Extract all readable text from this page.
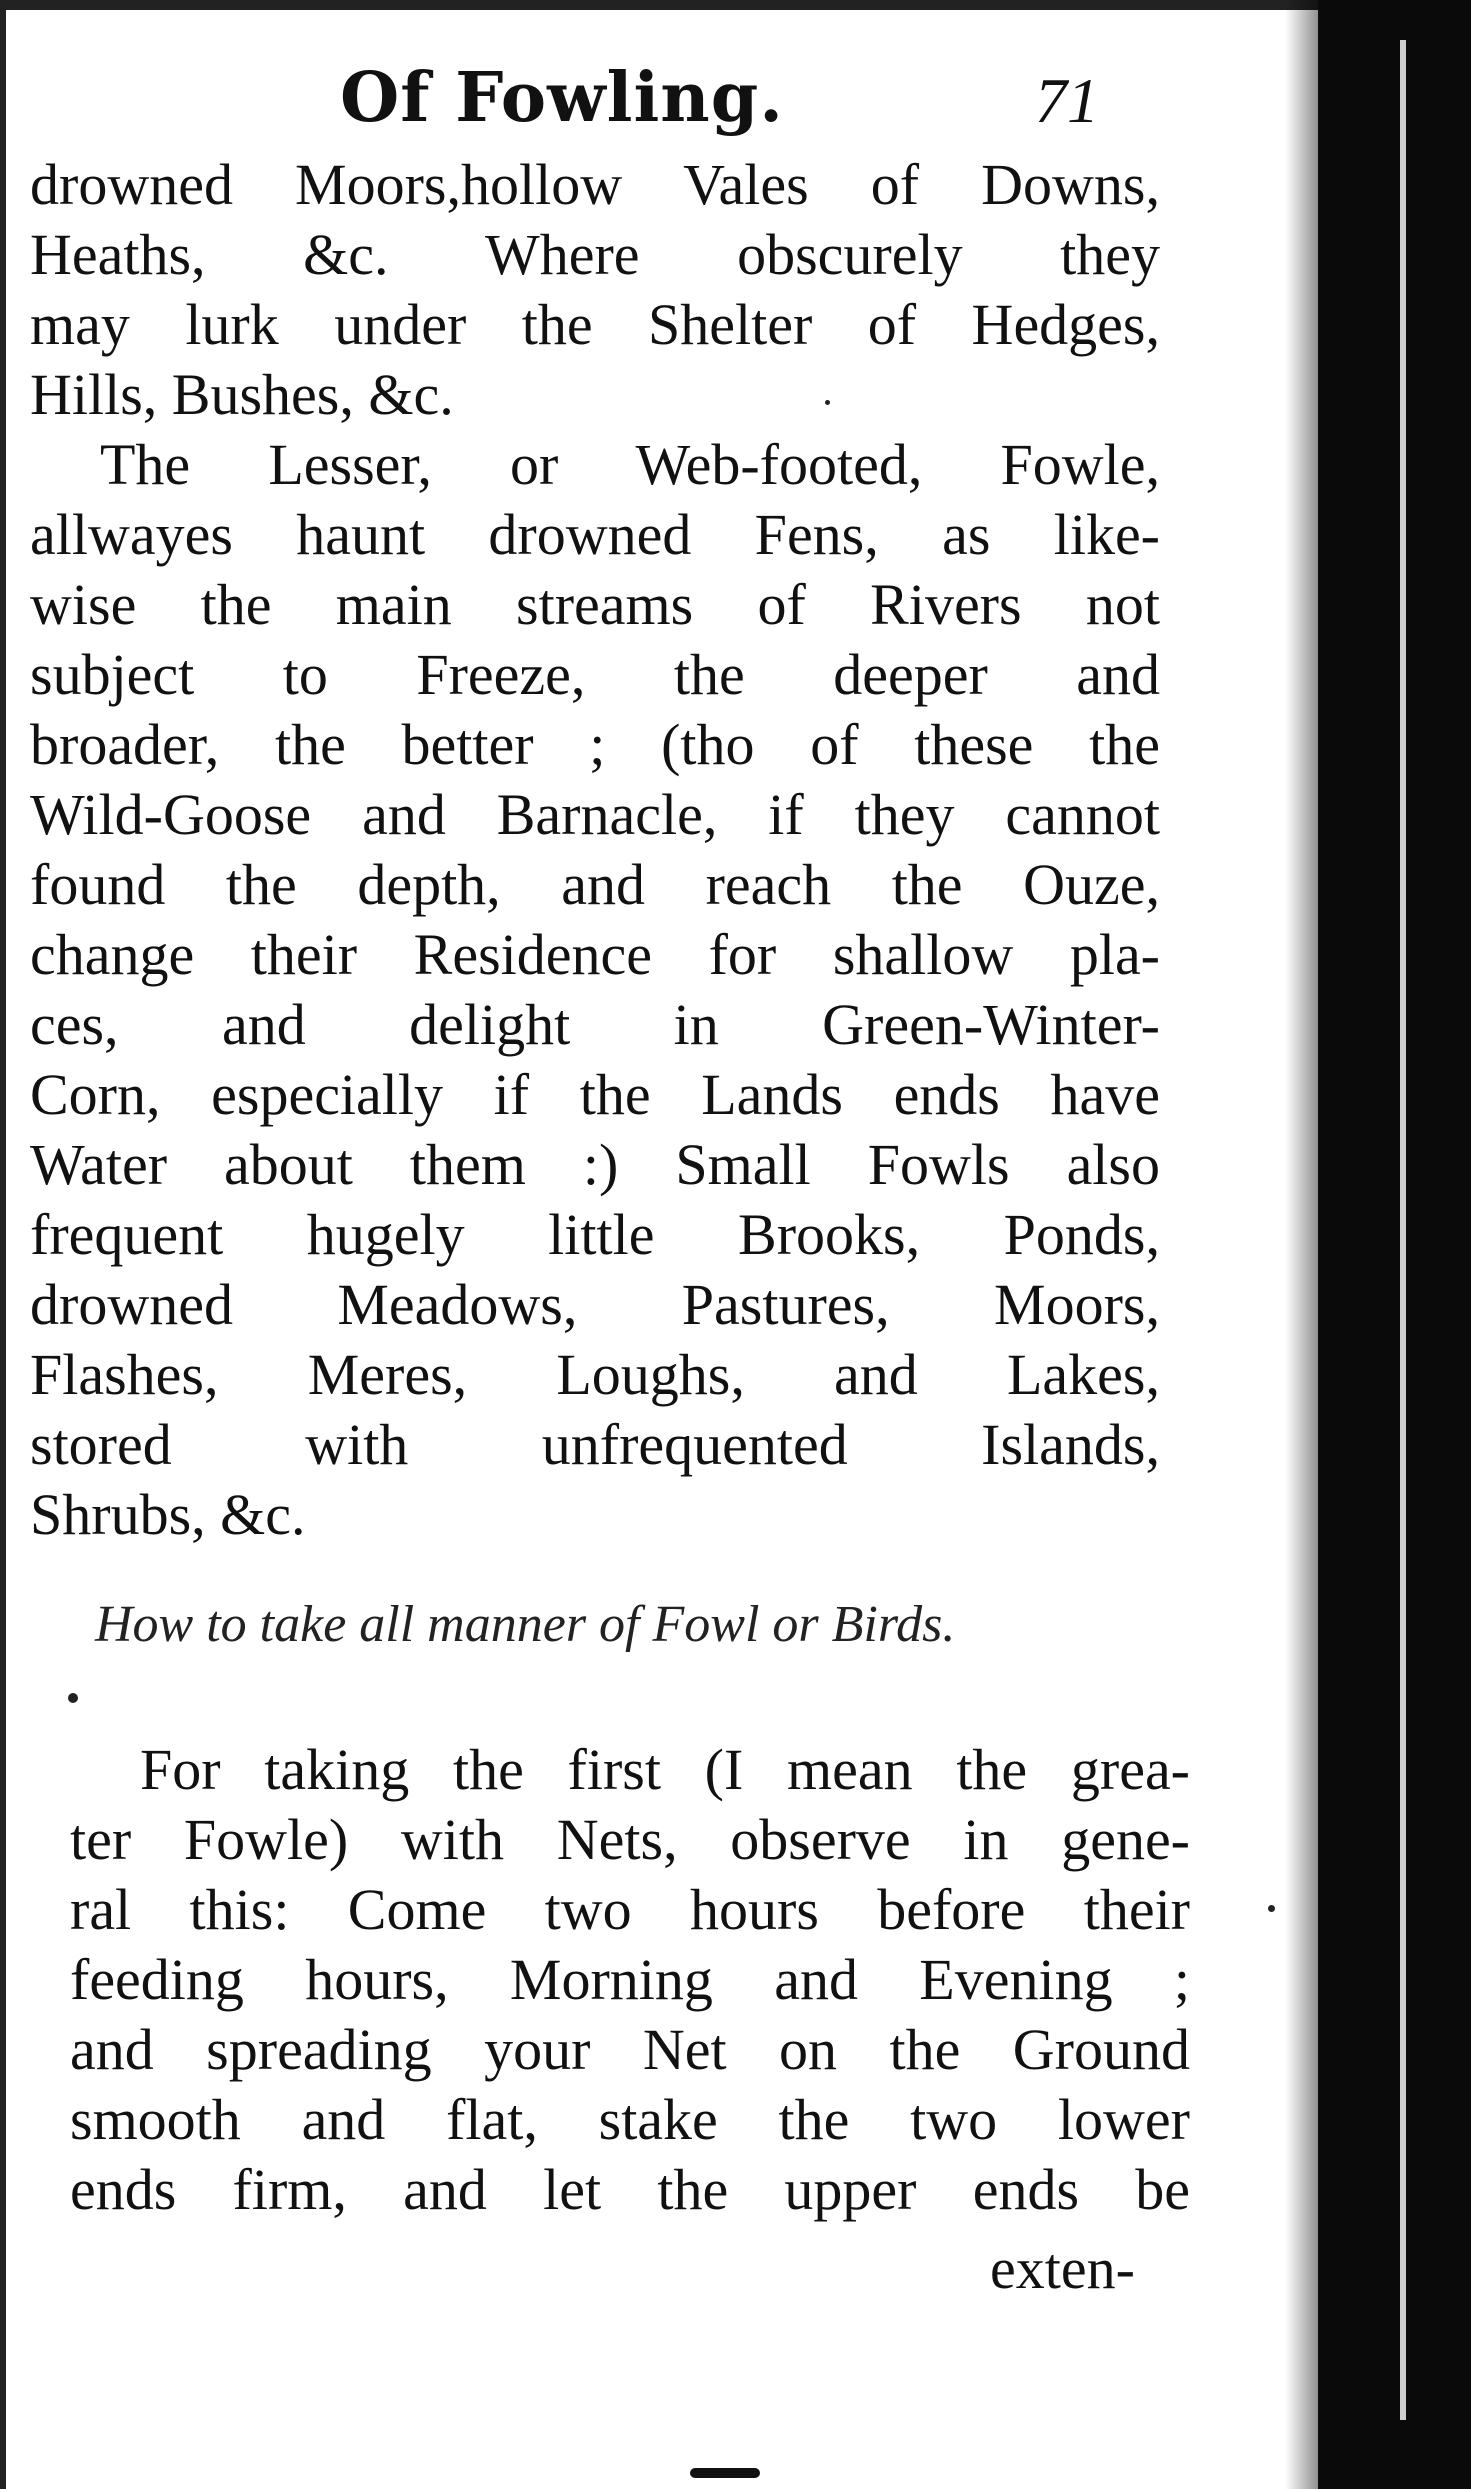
Of Fowling.	71
drowned Moors,hollow Vales of Downs,
Heaths, &c. Where obscurely they
may lurk under the Shelter of Hedges,
Hills, Bushes, &c.
The Lesser, or Web-footed, Fowle,
allwayes haunt drowned Fens, as like-
wise the main streams of Rivers not
subject to Freeze, the deeper and
broader, the better ; (tho of these the
Wild-Goose and Barnacle, if they cannot
found the depth, and reach the Ouze,
change their Residence for shallow pla-
ces, and delight in Green-Winter-
Corn, especially if the Lands ends have
Water about them :) Small Fowls also
frequent hugely little Brooks, Ponds,
drowned Meadows, Pastures, Moors,
Flashes, Meres, Loughs, and Lakes,
stored with unfrequented Islands,
Shrubs, &c.
How to take all manner of Fowl or Birds.
For taking the first (I mean the grea-
ter Fowle) with Nets, observe in gene-
ral this: Come two hours before their
feeding hours, Morning and Evening ;
and spreading your Net on the Ground
smooth and flat, stake the two lower
ends firm, and let the upper ends be
exten-
